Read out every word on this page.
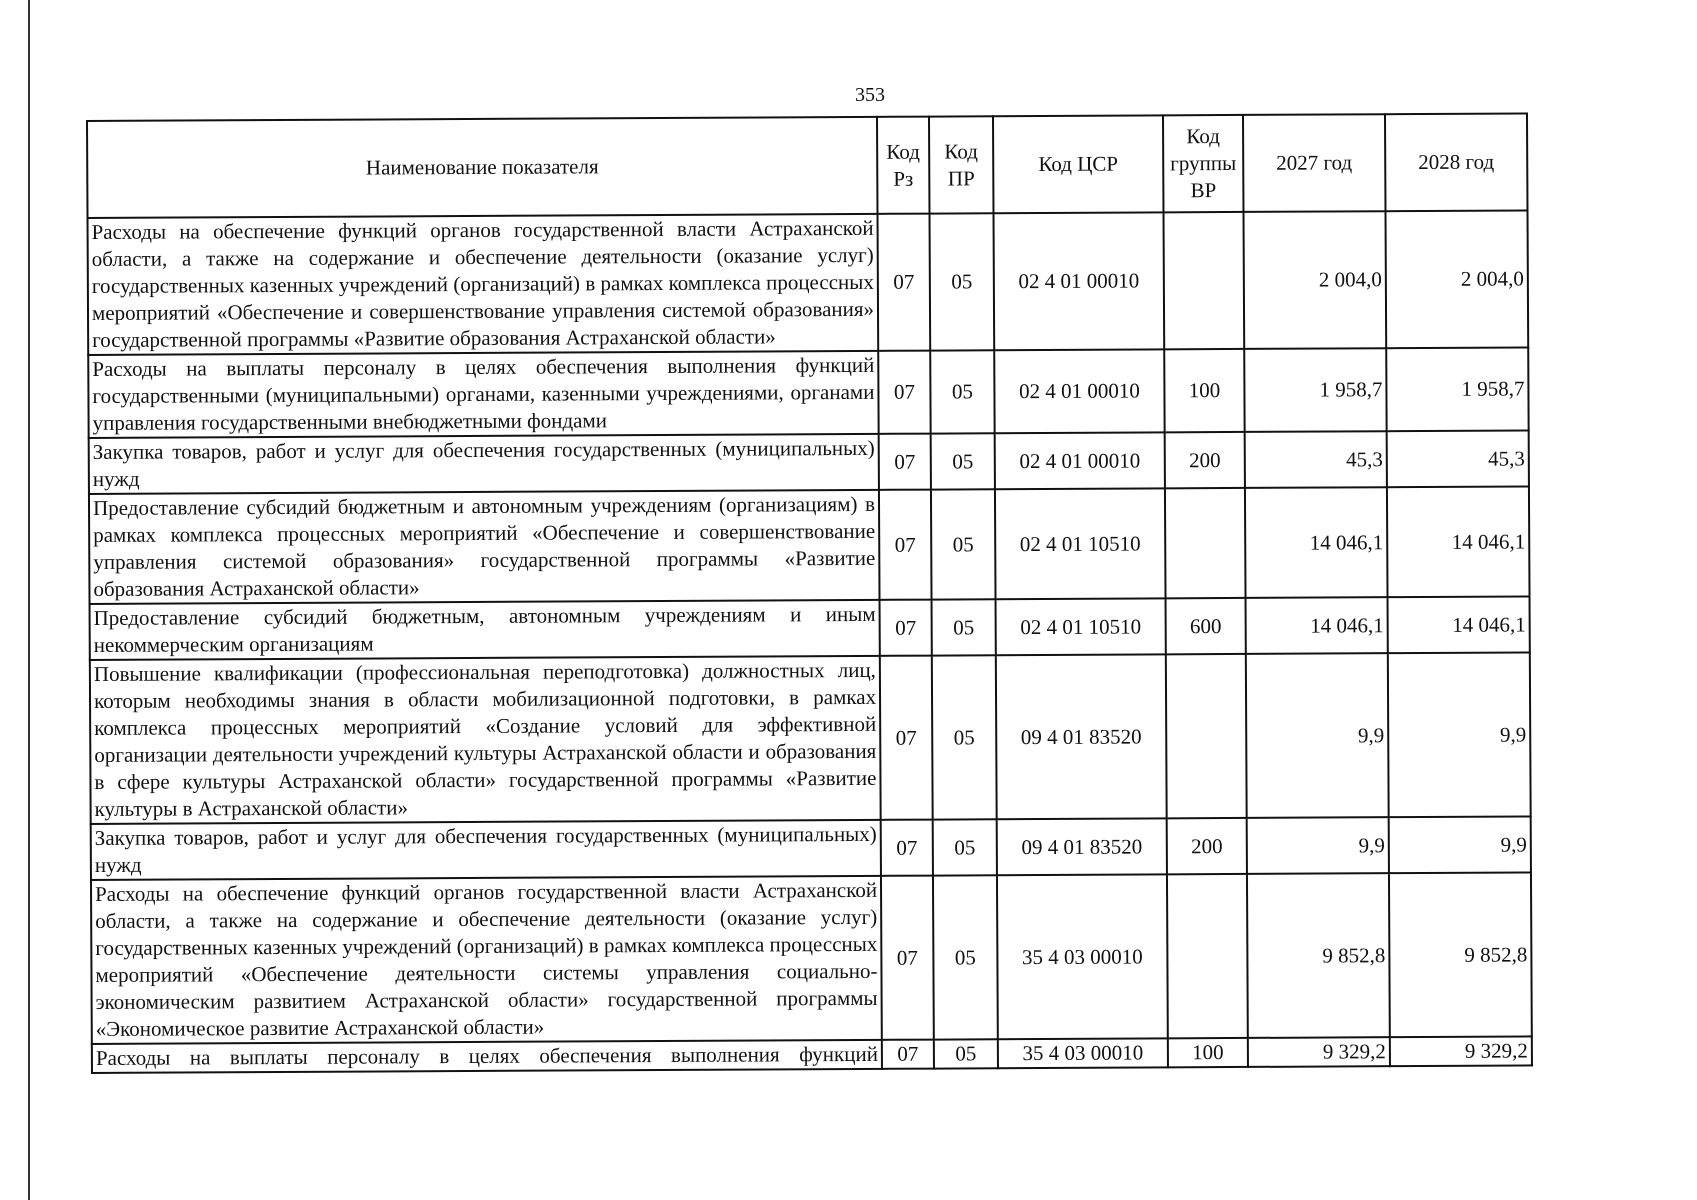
353
Наименование показателя	Код Рз	Код ПР	Код ЦСР	Код группы ВР	2027 год	2028 год
Расходы на обеспечение функций органов государственной власти Астраханской области, а также на содержание и обеспечение деятельности (оказание услуг) государственных казенных учреждений (организаций) в рамках комплекса процессных мероприятий «Обеспечение и совершенствование управления системой образования» государственной программы «Развитие образования Астраханской области»	07	05	02 4 01 00010		2 004,0	2 004,0
Расходы на выплаты персоналу в целях обеспечения выполнения функций государственными (муниципальными) органами, казенными учреждениями, органами управления государственными внебюджетными фондами	07	05	02 4 01 00010	100	1 958,7	1 958,7
Закупка товаров, работ и услуг для обеспечения государственных (муниципальных) нужд	07	05	02 4 01 00010	200	45,3	45,3
Предоставление субсидий бюджетным и автономным учреждениям (организациям) в рамках комплекса процессных мероприятий «Обеспечение и совершенствование управления системой образования» государственной программы «Развитие образования Астраханской области»	07	05	02 4 01 10510		14 046,1	14 046,1
Предоставление субсидий бюджетным, автономным учреждениям и иным некоммерческим организациям	07	05	02 4 01 10510	600	14 046,1	14 046,1
Повышение квалификации (профессиональная переподготовка) должностных лиц, которым необходимы знания в области мобилизационной подготовки, в рамках комплекса процессных мероприятий «Создание условий для эффективной организации деятельности учреждений культуры Астраханской области и образования в сфере культуры Астраханской области» государственной программы «Развитие культуры в Астраханской области»	07	05	09 4 01 83520		9,9	9,9
Закупка товаров, работ и услуг для обеспечения государственных (муниципальных) нужд	07	05	09 4 01 83520	200	9,9	9,9
Расходы на обеспечение функций органов государственной власти Астраханской области, а также на содержание и обеспечение деятельности (оказание услуг) государственных казенных учреждений (организаций) в рамках комплекса процессных мероприятий «Обеспечение деятельности системы управления социально-экономическим развитием Астраханской области» государственной программы «Экономическое развитие Астраханской области»	07	05	35 4 03 00010		9 852,8	9 852,8
Расходы на выплаты персоналу в целях обеспечения выполнения функций	07	05	35 4 03 00010	100	9 329,2	9 329,2
